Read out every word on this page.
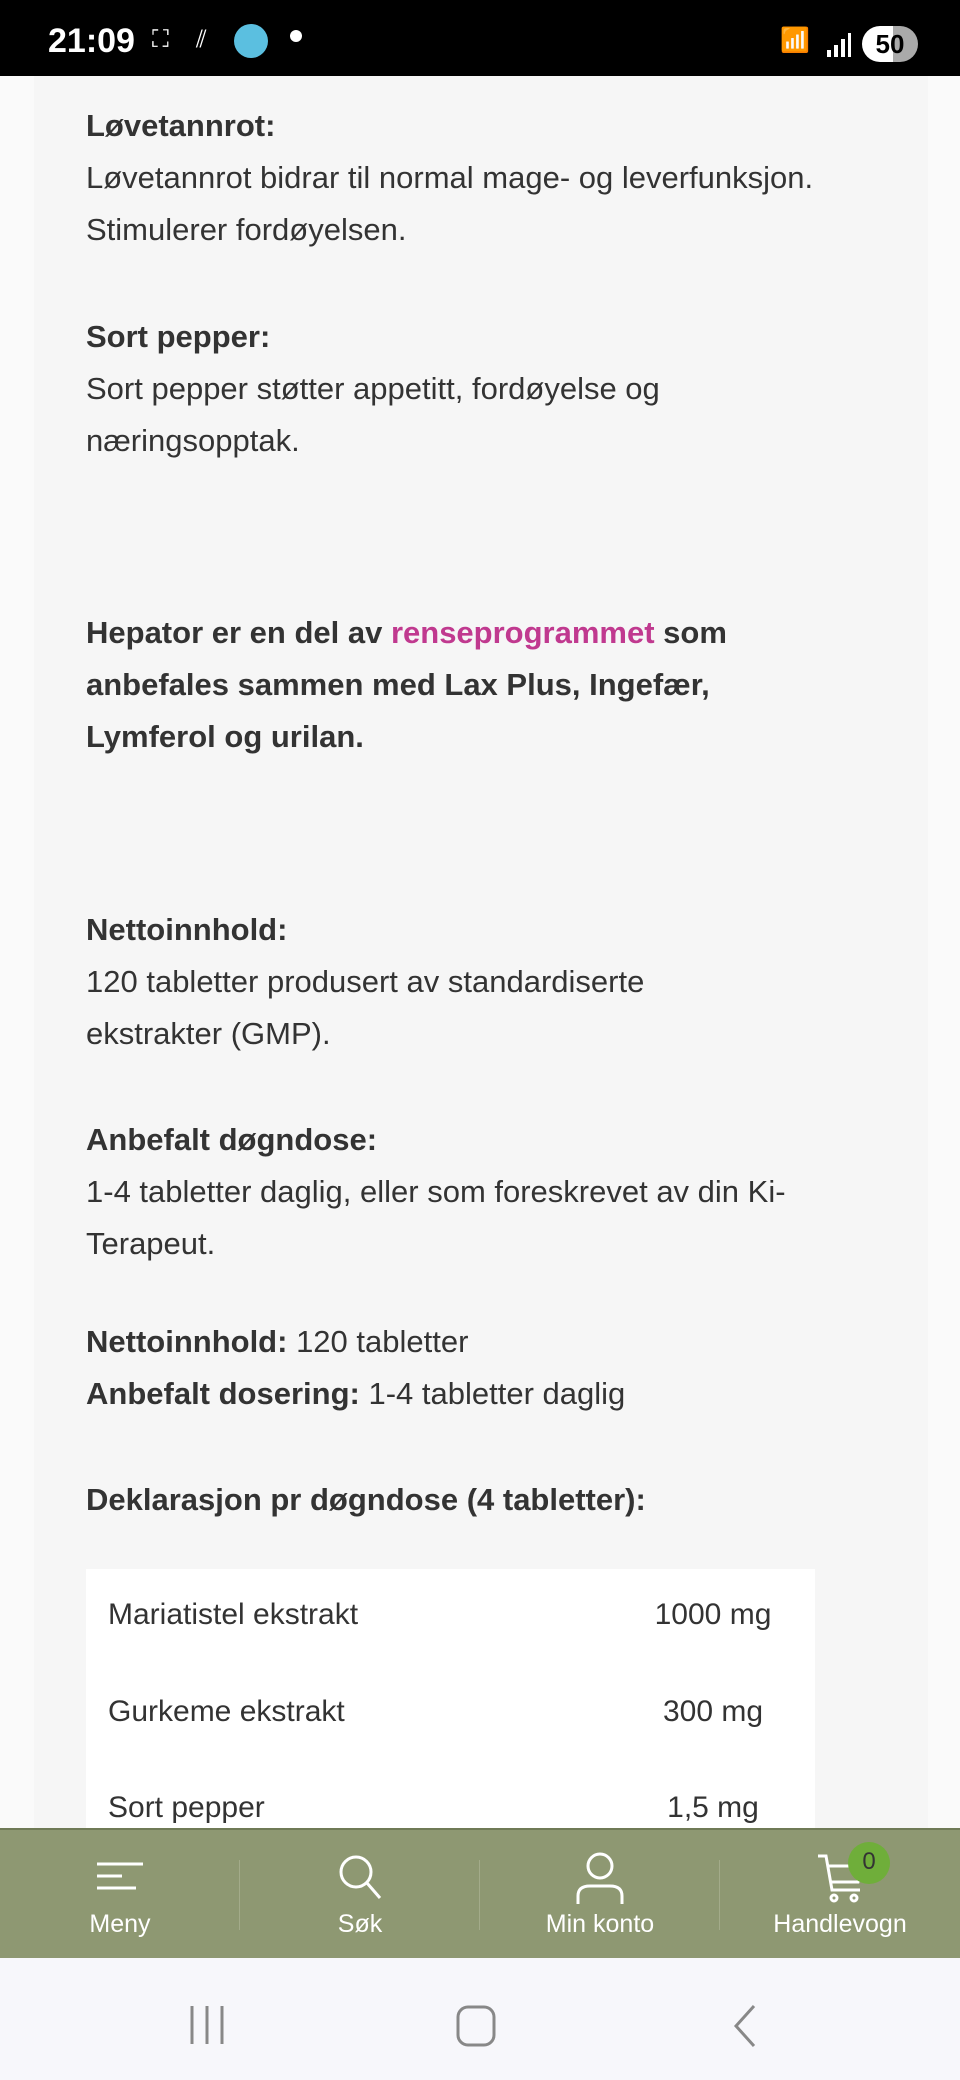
21:09 ⛶ ⫽	📶	50
Løvetannrot:
Løvetannrot bidrar til normal mage- og leverfunksjon. Stimulerer fordøyelsen.
Sort pepper:
Sort pepper støtter appetitt, fordøyelse og næringsopptak.
Hepator er en del av renseprogrammet som anbefales sammen med Lax Plus, Ingefær, Lymferol og urilan.
Nettoinnhold:
120 tabletter produsert av standardiserte ekstrakter (GMP).
Anbefalt døgndose:
1-4 tabletter daglig, eller som foreskrevet av din Ki-Terapeut.
Nettoinnhold: 120 tabletter
Anbefalt dosering: 1-4 tabletter daglig
Deklarasjon pr døgndose (4 tabletter):
Mariatistel ekstrakt	1000 mg
Gurkeme ekstrakt	300 mg
Sort pepper	1,5 mg
Meny	Søk	Min konto
0
Handlevogn
